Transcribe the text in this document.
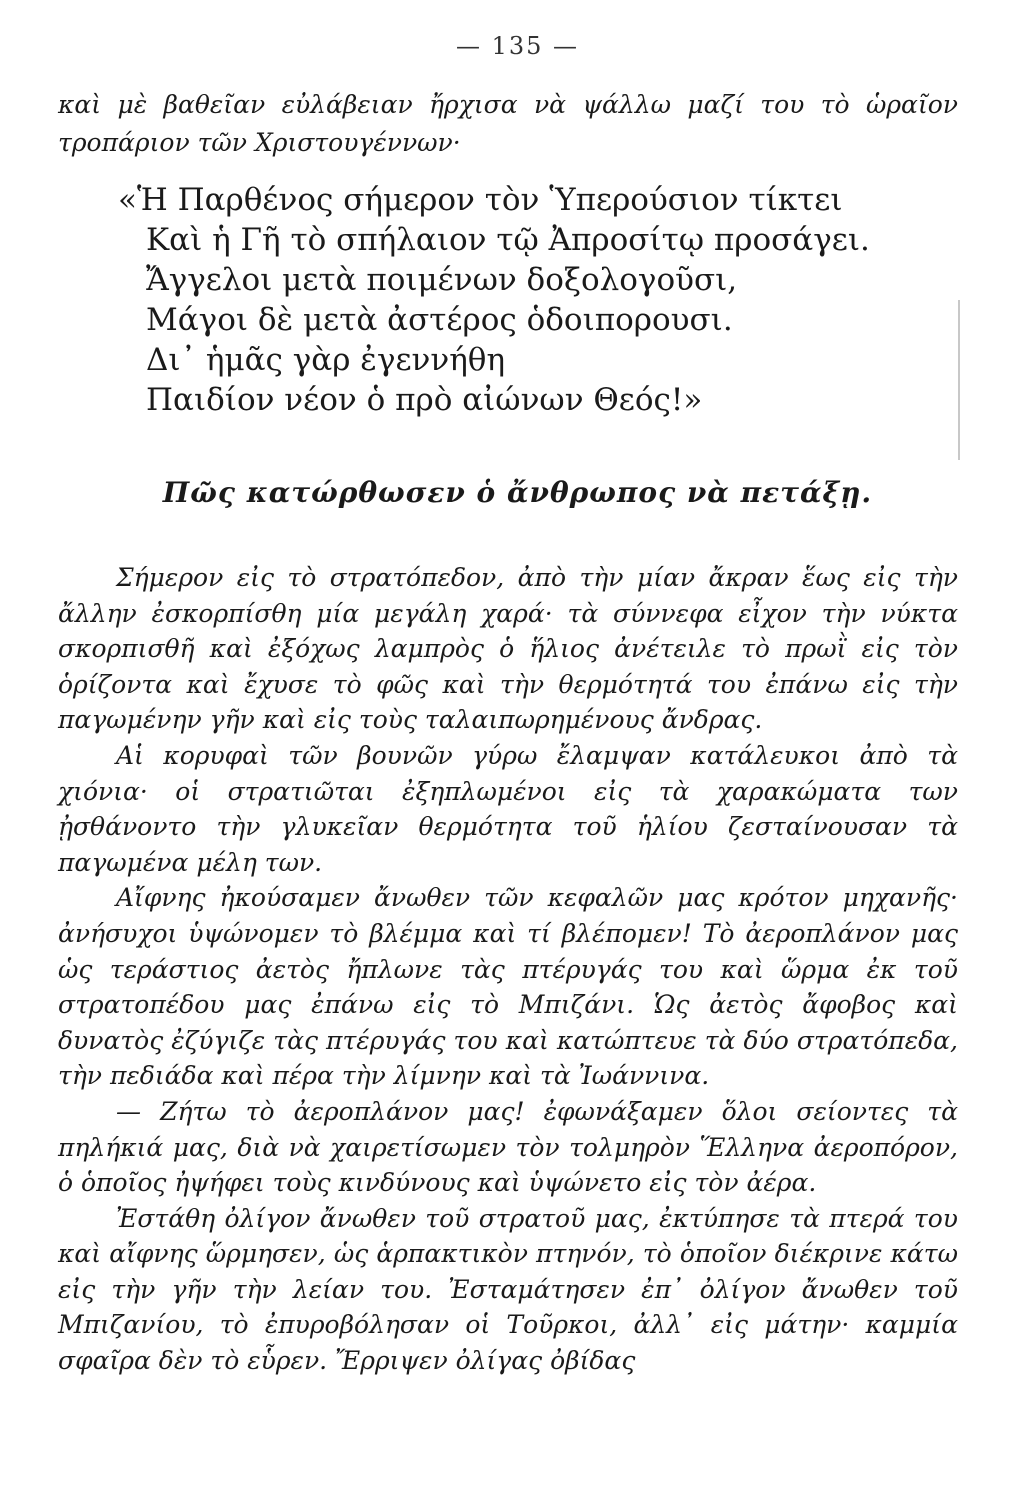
— 135 —
καὶ μὲ βαθεῖαν εὐλάβειαν ἤρχισα νὰ ψάλλω μαζί του τὸ ὡραῖον τροπάριον τῶν Χριστουγέννων·
«Ἡ Παρθένος σήμερον τὸν Ὑπερούσιον τίκτει
Καὶ ἡ Γῆ τὸ σπήλαιον τῷ Ἀπροσίτῳ προσάγει.
Ἄγγελοι μετὰ ποιμένων δοξολογοῦσι,
Μάγοι δὲ μετὰ ἀστέρος ὁδοιπορουσι.
Δι᾽ ἡμᾶς γὰρ ἐγεννήθη
Παιδίον νέον ὁ πρὸ αἰώνων Θεός!»
Πῶς κατώρθωσεν ὁ ἄνθρωπος νὰ πετάξῃ.

Σήμερον εἰς τὸ στρατόπεδον, ἀπὸ τὴν μίαν ἄκραν ἕως εἰς τὴν ἄλλην ἐσκορπίσθη μία μεγάλη χαρά· τὰ σύννεφα εἶχον τὴν νύκτα σκορπισθῆ καὶ ἐξόχως λαμπρὸς ὁ ἥλιος ἀνέτειλε τὸ πρωῒ εἰς τὸν ὁρίζοντα καὶ ἔχυσε τὸ φῶς καὶ τὴν θερμότητά του ἐπάνω εἰς τὴν παγωμένην γῆν καὶ εἰς τοὺς ταλαιπωρημένους ἄνδρας.

Αἱ κορυφαὶ τῶν βουνῶν γύρω ἔλαμψαν κατάλευκοι ἀπὸ τὰ χιόνια· οἱ στρατιῶται ἐξηπλωμένοι εἰς τὰ χαρακώματα των ᾐσθάνοντο τὴν γλυκεῖαν θερμότητα τοῦ ἡλίου ζεσταίνουσαν τὰ παγωμένα μέλη των.

Αἴφνης ἠκούσαμεν ἄνωθεν τῶν κεφαλῶν μας κρότον μηχανῆς· ἀνήσυχοι ὑψώνομεν τὸ βλέμμα καὶ τί βλέπομεν! Τὸ ἀεροπλάνον μας ὡς τεράστιος ἀετὸς ἤπλωνε τὰς πτέρυγάς του καὶ ὥρμα ἐκ τοῦ στρατοπέδου μας ἐπάνω εἰς τὸ Μπιζάνι. Ὡς ἀετὸς ἄφοβος καὶ δυνατὸς ἐζύγιζε τὰς πτέρυγάς του καὶ κατώπτευε τὰ δύο στρατόπεδα, τὴν πεδιάδα καὶ πέρα τὴν λίμνην καὶ τὰ Ἰωάννινα.

— Ζήτω τὸ ἀεροπλάνον μας! ἐφωνάξαμεν ὅλοι σείοντες τὰ πηλήκιά μας, διὰ νὰ χαιρετίσωμεν τὸν τολμηρὸν Ἕλληνα ἀεροπόρον, ὁ ὁποῖος ἠψήφει τοὺς κινδύνους καὶ ὑψώνετο εἰς τὸν ἀέρα.

Ἐστάθη ὀλίγον ἄνωθεν τοῦ στρατοῦ μας, ἐκτύπησε τὰ πτερά του καὶ αἴφνης ὥρμησεν, ὡς ἁρπακτικὸν πτηνόν, τὸ ὁποῖον διέκρινε κάτω εἰς τὴν γῆν τὴν λείαν του. Ἐσταμάτησεν ἐπ᾽ ὀλίγον ἄνωθεν τοῦ Μπιζανίου, τὸ ἐπυροβόλησαν οἱ Τοῦρκοι, ἀλλ᾽ εἰς μάτην· καμμία σφαῖρα δὲν τὸ εὗρεν. Ἔρριψεν ὀλίγας ὀβίδας
